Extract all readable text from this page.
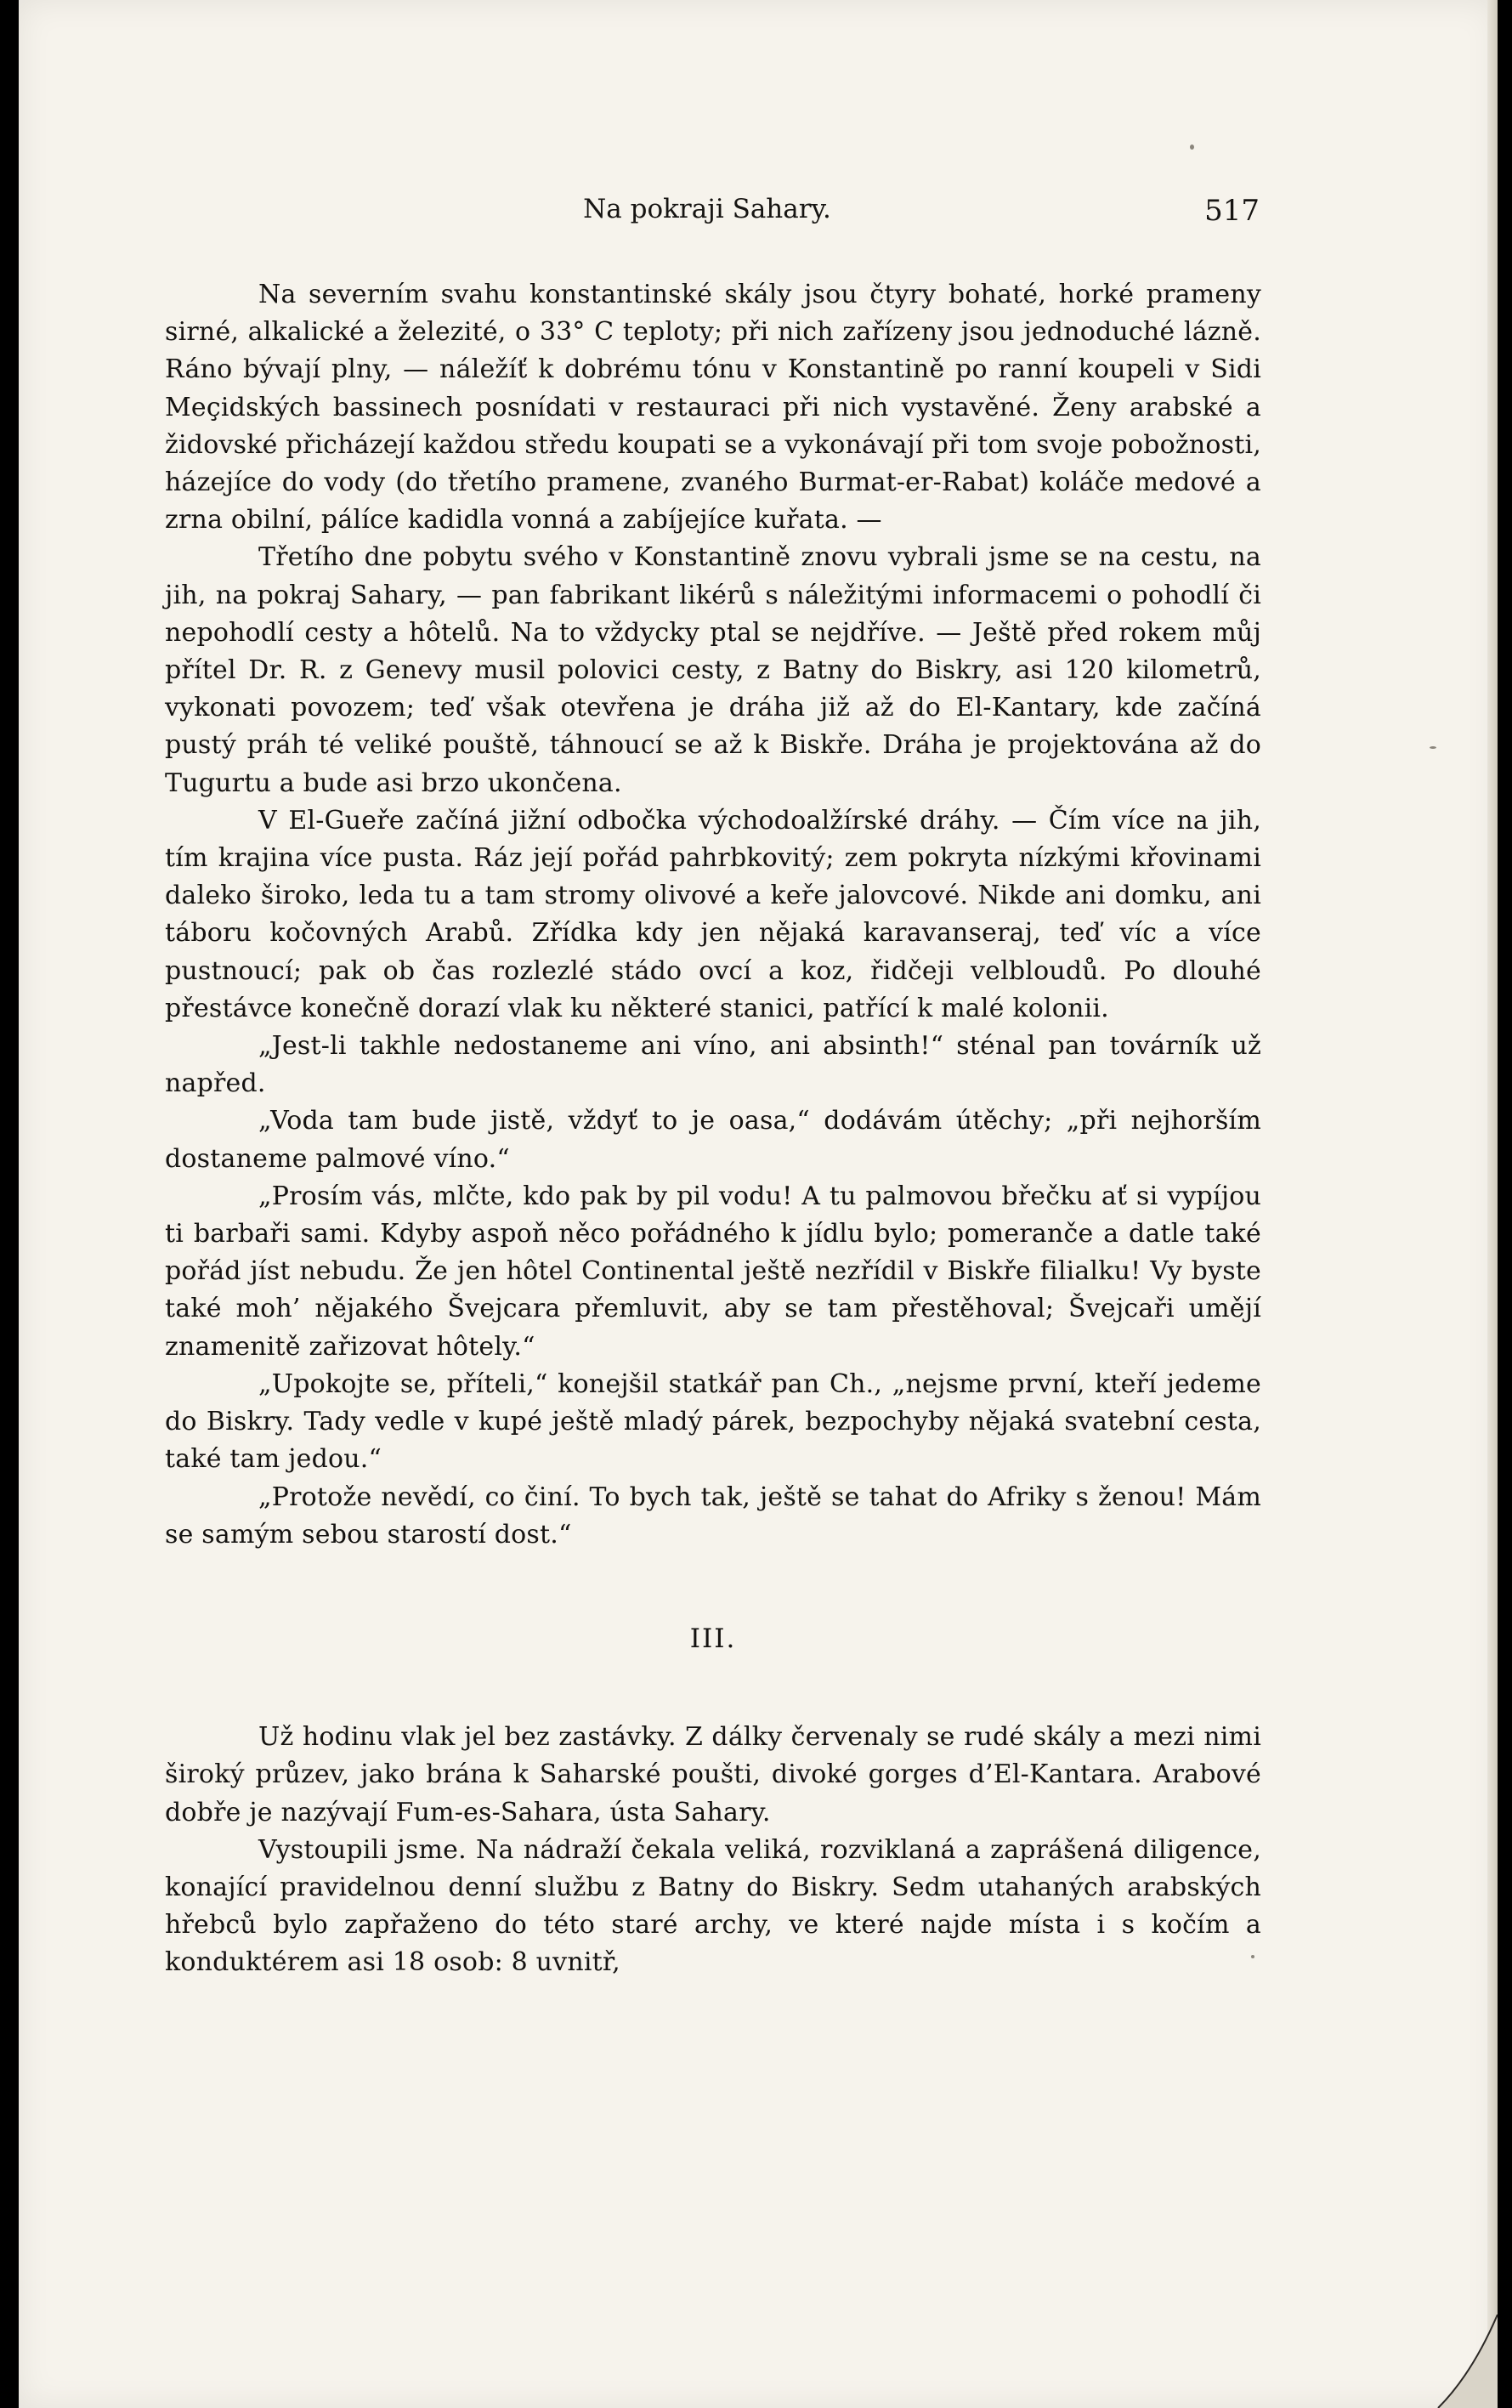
Na pokraji Sahary.	517

Na severním svahu konstantinské skály jsou čtyry bohaté, horké prameny sirné, alkalické a železité, o 33° C teploty; při nich zařízeny jsou jednoduché lázně. Ráno bývají plny, — náležíť k dobrému tónu v Konstantině po ranní koupeli v Sidi Meçidských bassinech posnídati v restauraci při nich vystavěné. Ženy arabské a židovské přicházejí každou středu koupati se a vykonávají při tom svoje pobožnosti, házejíce do vody (do třetího pramene, zvaného Burmat-er-Rabat) koláče medové a zrna obilní, pálíce kadidla vonná a zabíjejíce kuřata. —

Třetího dne pobytu svého v Konstantině znovu vybrali jsme se na cestu, na jih, na pokraj Sahary, — pan fabrikant likérů s náležitými informacemi o pohodlí či nepohodlí cesty a hôtelů. Na to vždycky ptal se nejdříve. — Ještě před rokem můj přítel Dr. R. z Genevy musil polovici cesty, z Batny do Biskry, asi 120 kilometrů, vykonati povozem; teď však otevřena je dráha již až do El-Kantary, kde začíná pustý práh té veliké pouště, táhnoucí se až k Biskře. Dráha je projektována až do Tugurtu a bude asi brzo ukončena.

V El-Gueře začíná jižní odbočka východoalžírské dráhy. — Čím více na jih, tím krajina více pusta. Ráz její pořád pahrbkovitý; zem pokryta nízkými křovinami daleko široko, leda tu a tam stromy olivové a keře jalovcové. Nikde ani domku, ani táboru kočovných Arabů. Zřídka kdy jen nějaká karavanseraj, teď víc a více pustnoucí; pak ob čas rozlezlé stádo ovcí a koz, řidčeji velbloudů. Po dlouhé přestávce konečně dorazí vlak ku některé stanici, patřící k malé kolonii.

„Jest-li takhle nedostaneme ani víno, ani absinth!“ sténal pan továrník už napřed.

„Voda tam bude jistě, vždyť to je oasa,“ dodávám útěchy; „při nejhorším dostaneme palmové víno.“

„Prosím vás, mlčte, kdo pak by pil vodu! A tu palmovou břečku ať si vypíjou ti barbaři sami. Kdyby aspoň něco pořádného k jídlu bylo; pomeranče a datle také pořád jíst nebudu. Že jen hôtel Continental ještě nezřídil v Biskře filialku! Vy byste také moh’ nějakého Švejcara přemluvit, aby se tam přestěhoval; Švejcaři umějí znamenitě zařizovat hôtely.“

„Upokojte se, příteli,“ konejšil statkář pan Ch., „nejsme první, kteří jedeme do Biskry. Tady vedle v kupé ještě mladý párek, bezpochyby nějaká svatební cesta, také tam jedou.“

„Protože nevědí, co činí. To bych tak, ještě se tahat do Afriky s ženou! Mám se samým sebou starostí dost.“

III.

Už hodinu vlak jel bez zastávky. Z dálky červenaly se rudé skály a mezi nimi široký průzev, jako brána k Saharské poušti, divoké gorges d’El-Kantara. Arabové dobře je nazývají Fum-es-Sahara, ústa Sahary.

Vystoupili jsme. Na nádraží čekala veliká, rozviklaná a zaprášená diligence, konající pravidelnou denní službu z Batny do Biskry. Sedm utahaných arabských hřebců bylo zapřaženo do této staré archy, ve které najde místa i s kočím a konduktérem asi 18 osob: 8 uvnitř,
